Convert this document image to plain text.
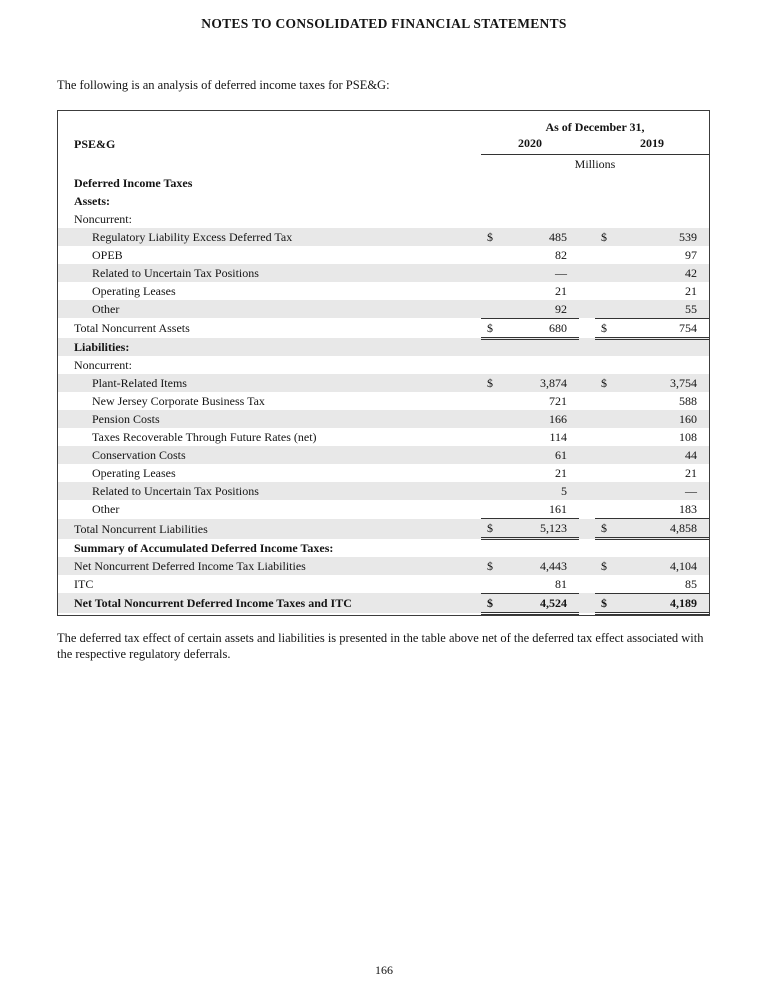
NOTES TO CONSOLIDATED FINANCIAL STATEMENTS

The following is an analysis of deferred income taxes for PSE&G:

	As of December 31,				
PSE&G	2020			2019	
	Millions				
Deferred Income Taxes					
Assets:					
Noncurrent:					
Regulatory Liability Excess Deferred Tax	$	485		$	539
OPEB		82			97
Related to Uncertain Tax Positions		—			42
Operating Leases		21			21
Other		92			55
Total Noncurrent Assets	$	680		$	754
Liabilities:					
Noncurrent:					
Plant-Related Items	$	3,874		$	3,754
New Jersey Corporate Business Tax		721			588
Pension Costs		166			160
Taxes Recoverable Through Future Rates (net)		114			108
Conservation Costs		61			44
Operating Leases		21			21
Related to Uncertain Tax Positions		5			—
Other		161			183
Total Noncurrent Liabilities	$	5,123		$	4,858
Summary of Accumulated Deferred Income Taxes:					
Net Noncurrent Deferred Income Tax Liabilities	$	4,443		$	4,104
ITC		81			85
Net Total Noncurrent Deferred Income Taxes and ITC	$	4,524		$	4,189

The deferred tax effect of certain assets and liabilities is presented in the table above net of the deferred tax effect associated with the respective regulatory deferrals.

166
